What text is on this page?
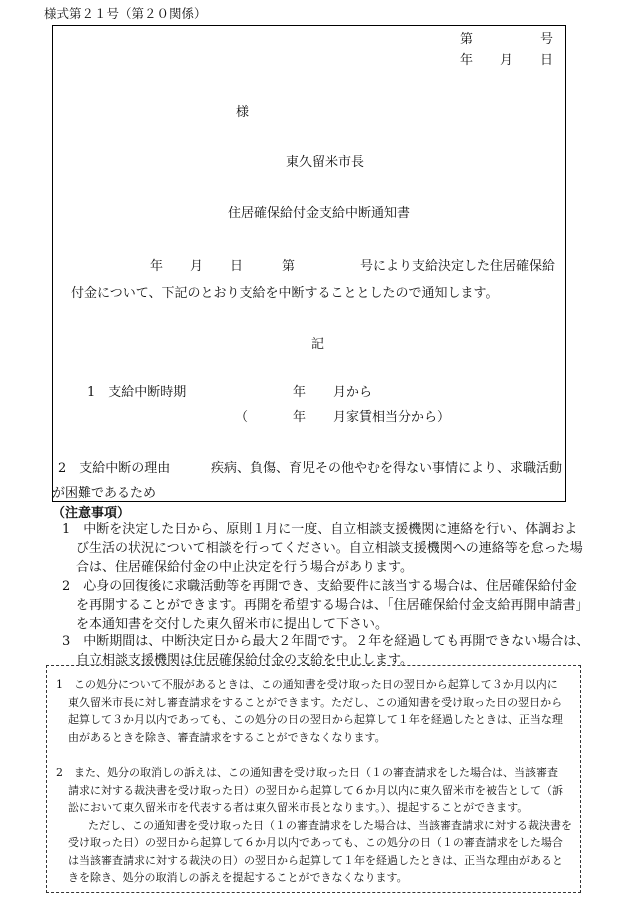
様式第２１号（第２０関係）
第	号
年 月 日
様
東久留米市長
住居確保給付金支給中断通知書
年 月 日	第	号により支給決定した住居確保給
付金について、下記のとおり支給を中断することとしたので通知します。
記
1　支給中断時期	年 月から
（	年 月家賃相当分から）
2　支給中断の理由	疾病、負傷、育児その他やむを得ない事情により、求職活動
が困難であるため
（注意事項）
1　中断を決定した日から、原則１月に一度、自立相談支援機関に連絡を行い、体調およ
び生活の状況について相談を行ってください。自立相談支援機関への連絡等を怠った場
合は、住居確保給付金の中止決定を行う場合があります。
2　心身の回復後に求職活動等を再開でき、支給要件に該当する場合は、住居確保給付金
を再開することができます。再開を希望する場合は、「住居確保給付金支給再開申請書」
を本通知書を交付した東久留米市に提出して下さい。
3　中断期間は、中断決定日から最大２年間です。２年を経過しても再開できない場合は、
自立相談支援機関は住居確保給付金の支給を中止します。
1　この処分について不服があるときは、この通知書を受け取った日の翌日から起算して３か月以内に
東久留米市長に対し審査請求をすることができます。ただし、この通知書を受け取った日の翌日から
起算して３か月以内であっても、この処分の日の翌日から起算して１年を経過したときは、正当な理
由があるときを除き、審査請求をすることができなくなります。
2　また、処分の取消しの訴えは、この通知書を受け取った日（１の審査請求をした場合は、当該審査
請求に対する裁決書を受け取った日）の翌日から起算して６か月以内に東久留米市を被告として（訴
訟において東久留米市を代表する者は東久留米市長となります。）、提起することができます。
ただし、この通知書を受け取った日（１の審査請求をした場合は、当該審査請求に対する裁決書を
受け取った日）の翌日から起算して６か月以内であっても、この処分の日（１の審査請求をした場合
は当該審査請求に対する裁決の日）の翌日から起算して１年を経過したときは、正当な理由があると
きを除き、処分の取消しの訴えを提起することができなくなります。
